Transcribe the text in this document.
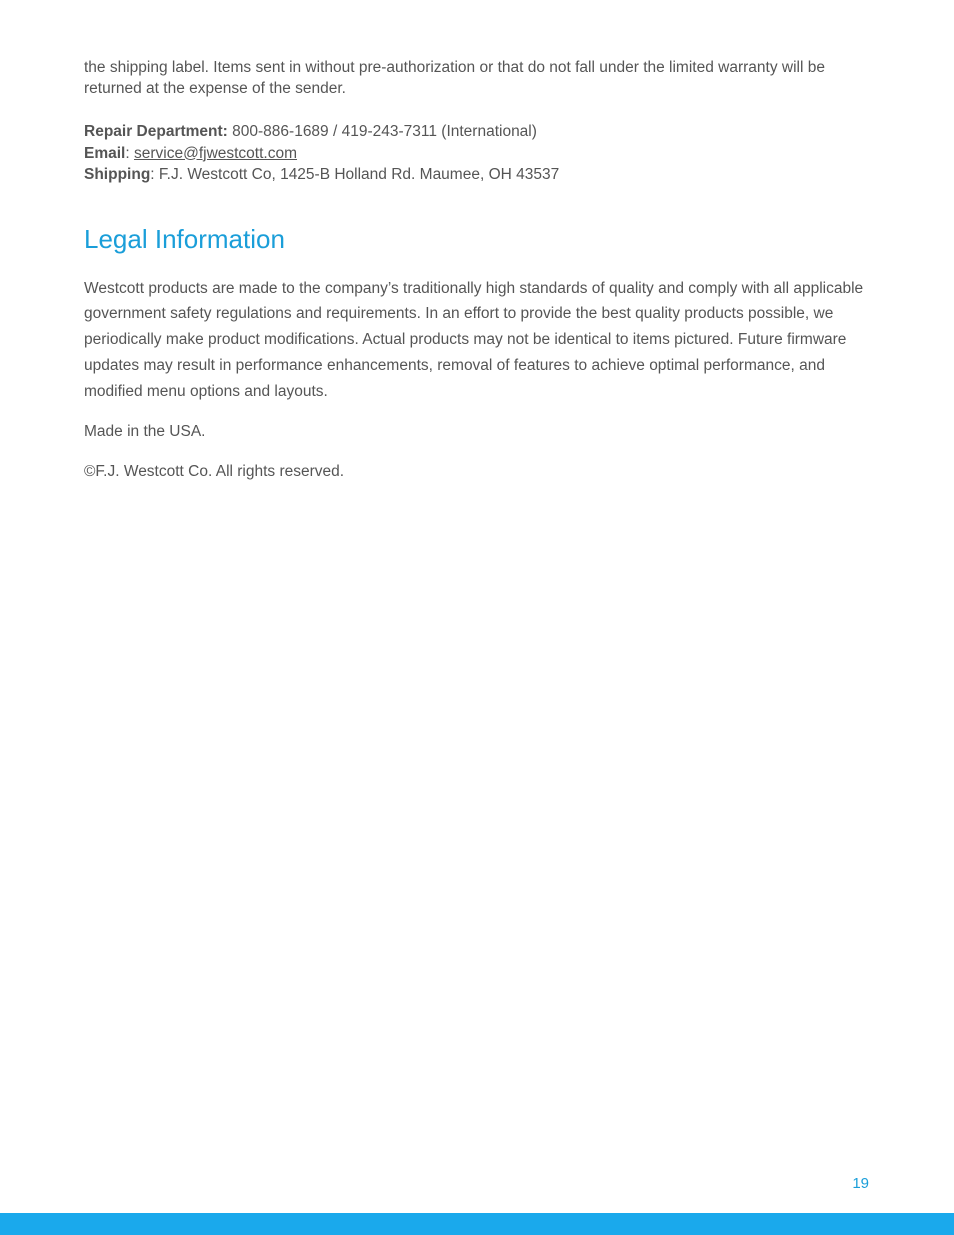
the shipping label. Items sent in without pre-authorization or that do not fall under the limited warranty will be returned at the expense of the sender.

Repair Department: 800-886-1689 / 419-243-7311 (International)
Email: service@fjwestcott.com
Shipping: F.J. Westcott Co, 1425-B Holland Rd. Maumee, OH 43537
Legal Information

Westcott products are made to the company’s traditionally high standards of quality and comply with all applicable government safety regulations and requirements. In an effort to provide the best quality products possible, we periodically make product modifications. Actual products may not be identical to items pictured. Future firmware updates may result in performance enhancements, removal of features to achieve optimal performance, and modified menu options and layouts.

Made in the USA.

©F.J. Westcott Co. All rights reserved.

19
